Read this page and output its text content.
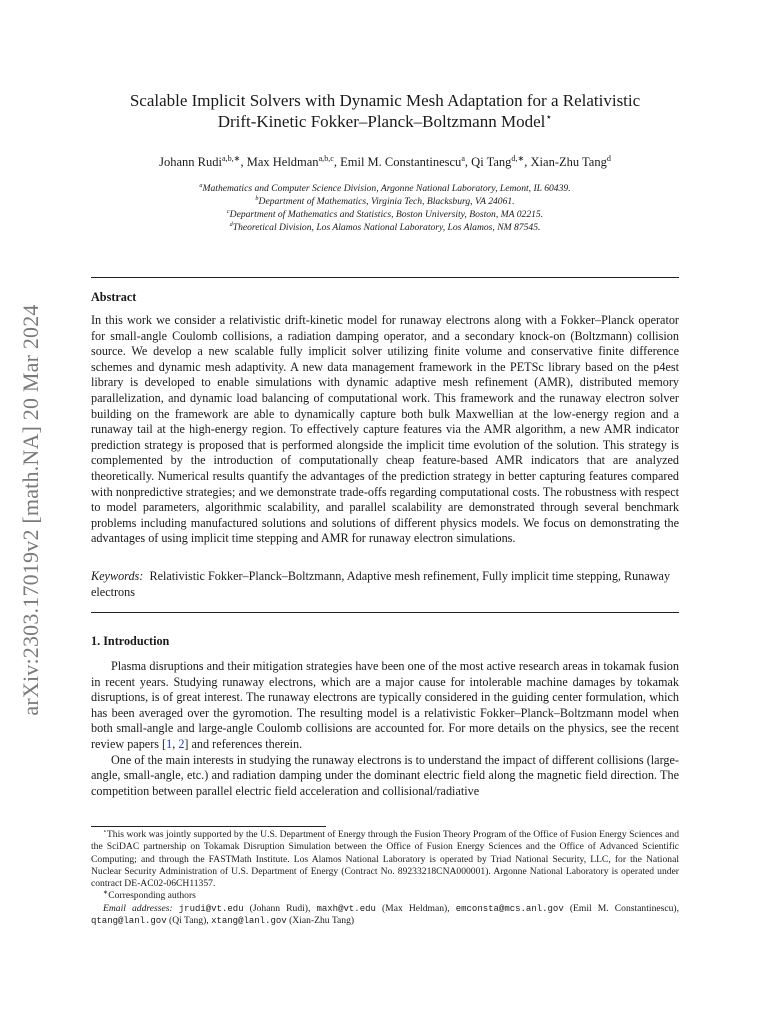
arXiv:2303.17019v2 [math.NA] 20 Mar 2024
Scalable Implicit Solvers with Dynamic Mesh Adaptation for a Relativistic
Drift-Kinetic Fokker–Planck–Boltzmann Model⋆
Johann Rudi$^{a,b,∗}$, Max Heldman$^{a,b,c}$, Emil M. Constantinescu$^a$, Qi Tang$^{d,∗}$, Xian-Zhu Tang$^d$
$^a$Mathematics and Computer Science Division, Argonne National Laboratory, Lemont, IL 60439.
$^b$Department of Mathematics, Virginia Tech, Blacksburg, VA 24061.
$^c$Department of Mathematics and Statistics, Boston University, Boston, MA 02215.
$^d$Theoretical Division, Los Alamos National Laboratory, Los Alamos, NM 87545.
Abstract
In this work we consider a relativistic drift-kinetic model for runaway electrons along with a Fokker–Planck operator for small-angle Coulomb collisions, a radiation damping operator, and a secondary knock-on (Boltzmann) collision source. We develop a new scalable fully implicit solver utilizing finite volume and conservative finite difference schemes and dynamic mesh adaptivity. A new data management framework in the PETSc library based on the p4est library is developed to enable simulations with dynamic adaptive mesh refinement (AMR), distributed memory parallelization, and dynamic load balancing of computational work. This framework and the runaway electron solver building on the framework are able to dynamically capture both bulk Maxwellian at the low-energy region and a runaway tail at the high-energy region. To effectively capture features via the AMR algorithm, a new AMR indicator prediction strategy is proposed that is performed alongside the implicit time evolution of the solution. This strategy is complemented by the introduction of computationally cheap feature-based AMR indicators that are analyzed theoretically. Numerical results quantify the advantages of the prediction strategy in better capturing features compared with nonpredictive strategies; and we demonstrate trade-offs regarding computational costs. The robustness with respect to model parameters, algorithmic scalability, and parallel scalability are demonstrated through several benchmark problems including manufactured solutions and solutions of different physics models. We focus on demonstrating the advantages of using implicit time stepping and AMR for runaway electron simulations.
Keywords: Relativistic Fokker–Planck–Boltzmann, Adaptive mesh refinement, Fully implicit time stepping, Runaway electrons
1. Introduction

Plasma disruptions and their mitigation strategies have been one of the most active research areas in tokamak fusion in recent years. Studying runaway electrons, which are a major cause for intolerable machine damages by tokamak disruptions, is of great interest. The runaway electrons are typically considered in the guiding center formulation, which has been averaged over the gyromotion. The resulting model is a relativistic Fokker–Planck–Boltzmann model when both small-angle and large-angle Coulomb collisions are accounted for. For more details on the physics, see the recent review papers [1, 2] and references therein.

One of the main interests in studying the runaway electrons is to understand the impact of different collisions (large-angle, small-angle, etc.) and radiation damping under the dominant electric field along the magnetic field direction. The competition between parallel electric field acceleration and collisional/radiative

⋆This work was jointly supported by the U.S. Department of Energy through the Fusion Theory Program of the Office of Fusion Energy Sciences and the SciDAC partnership on Tokamak Disruption Simulation between the Office of Fusion Energy Sciences and the Office of Advanced Scientific Computing; and through the FASTMath Institute. Los Alamos National Laboratory is operated by Triad National Security, LLC, for the National Nuclear Security Administration of U.S. Department of Energy (Contract No. 89233218CNA000001). Argonne National Laboratory is operated under contract DE-AC02-06CH11357.
∗Corresponding authors
Email addresses: jrudi@vt.edu (Johann Rudi), maxh@vt.edu (Max Heldman), emconsta@mcs.anl.gov (Emil M. Constantinescu), qtang@lanl.gov (Qi Tang), xtang@lanl.gov (Xian-Zhu Tang)
